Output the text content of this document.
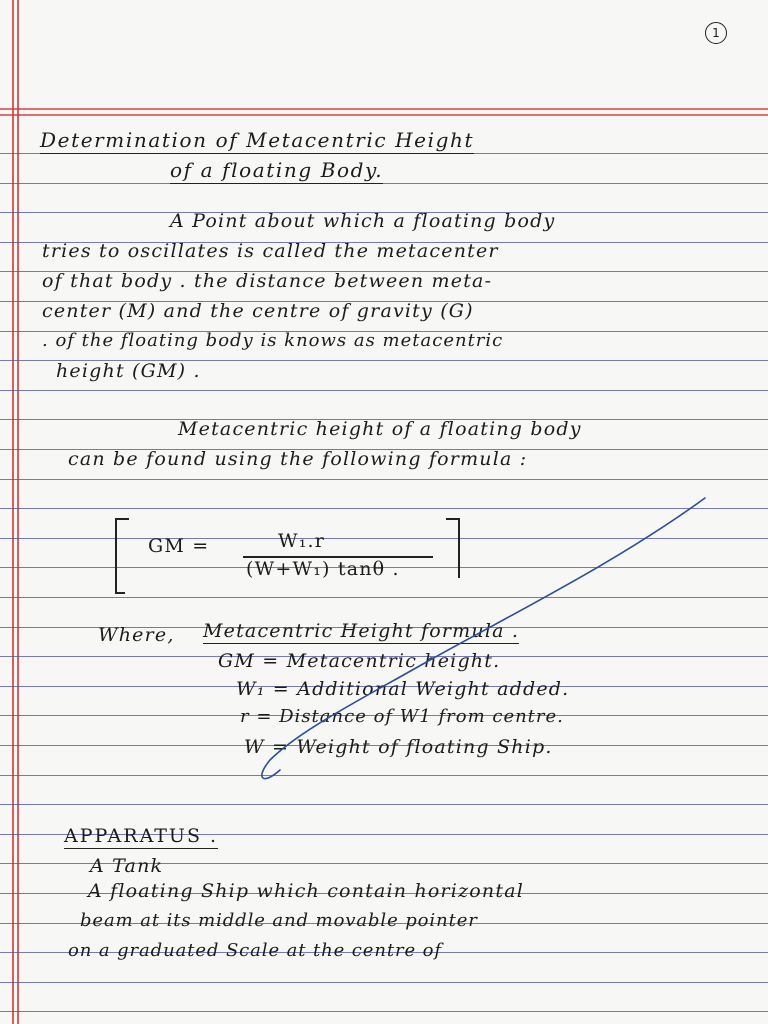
1
Determination of Metacentric Height
of a floating Body.
A Point about which a floating body
tries to oscillates is called the metacenter
of that body . the distance between meta-
center (M) and the centre of gravity (G)
. of the floating body is knows as metacentric
height (GM) .
Metacentric height of a floating body
can be found using the following formula :
GM =	W₁.r
(W+W₁) tanθ .
Where, Metacentric Height formula .
GM = Metacentric height.
W₁ = Additional Weight added.
r = Distance of W1 from centre.
W = Weight of floating Ship.
APPARATUS .
A Tank
A floating Ship which contain horizontal
beam at its middle and movable pointer
on a graduated Scale at the centre of
